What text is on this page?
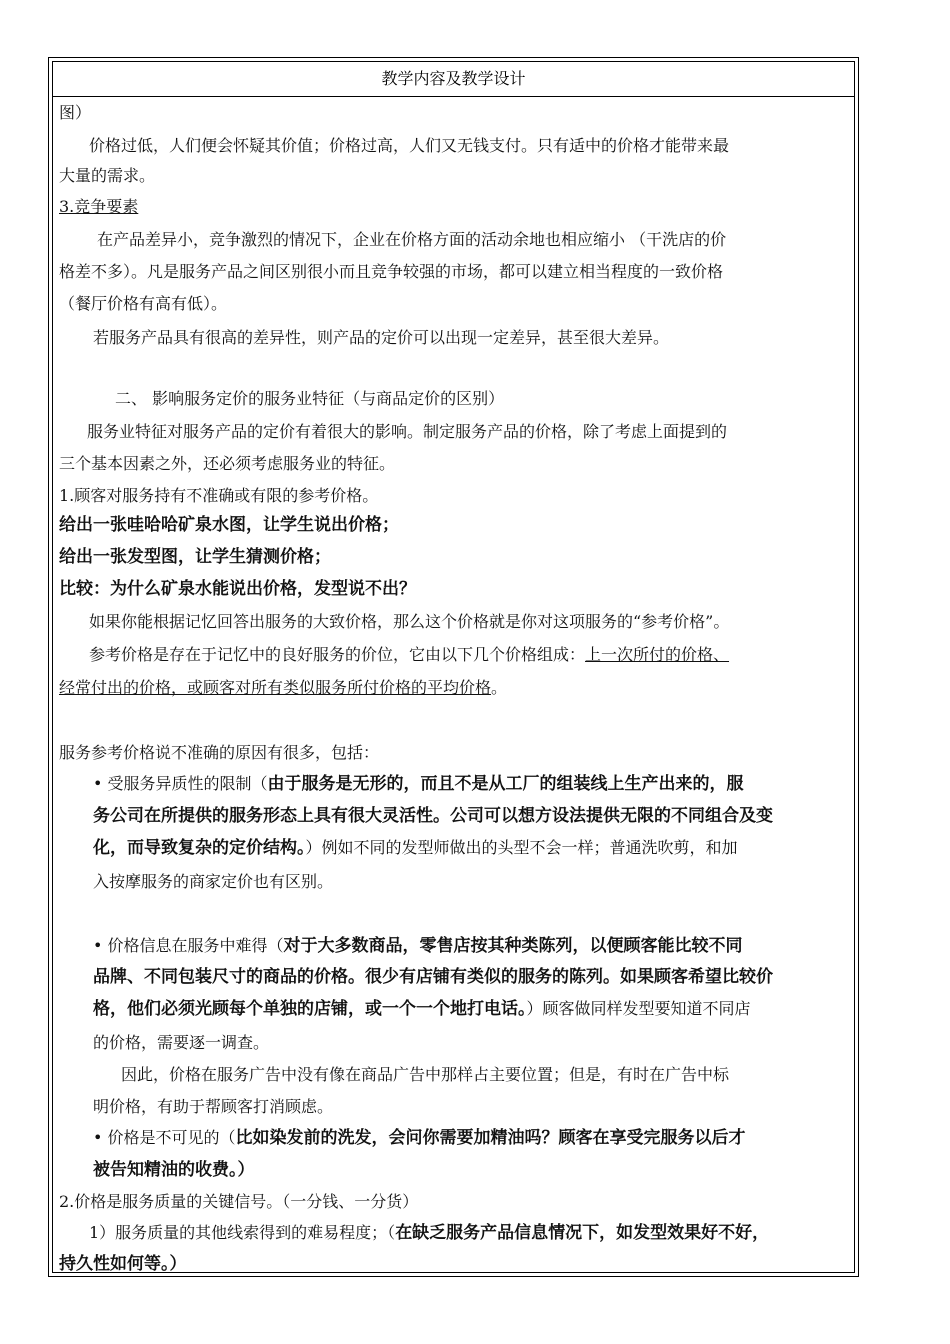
教学内容及教学设计
图）
价格过低，人们便会怀疑其价值；价格过高，人们又无钱支付。只有适中的价格才能带来最
大量的需求。
3.竞争要素
在产品差异小，竞争激烈的情况下，企业在价格方面的活动余地也相应缩小 （干洗店的价
格差不多）。凡是服务产品之间区别很小而且竞争较强的市场，都可以建立相当程度的一致价格
（餐厅价格有高有低）。
若服务产品具有很高的差异性，则产品的定价可以出现一定差异，甚至很大差异。
二、 影响服务定价的服务业特征（与商品定价的区别）
服务业特征对服务产品的定价有着很大的影响。制定服务产品的价格，除了考虑上面提到的
三个基本因素之外，还必须考虑服务业的特征。
1.顾客对服务持有不准确或有限的参考价格。
给出一张哇哈哈矿泉水图，让学生说出价格；
给出一张发型图，让学生猜测价格；
比较：为什么矿泉水能说出价格，发型说不出？
如果你能根据记忆回答出服务的大致价格，那么这个价格就是你对这项服务的“参考价格”。
参考价格是存在于记忆中的良好服务的价位，它由以下几个价格组成：上一次所付的价格、
经常付出的价格，或顾客对所有类似服务所付价格的平均价格。
服务参考价格说不准确的原因有很多，包括：
• 受服务异质性的限制（由于服务是无形的，而且不是从工厂的组装线上生产出来的，服
务公司在所提供的服务形态上具有很大灵活性。公司可以想方设法提供无限的不同组合及变
化，而导致复杂的定价结构。）例如不同的发型师做出的头型不会一样；普通洗吹剪，和加
入按摩服务的商家定价也有区别。
• 价格信息在服务中难得（对于大多数商品，零售店按其种类陈列，以便顾客能比较不同
品牌、不同包装尺寸的商品的价格。很少有店铺有类似的服务的陈列。如果顾客希望比较价
格，他们必须光顾每个单独的店铺，或一个一个地打电话。）顾客做同样发型要知道不同店
的价格，需要逐一调查。
因此，价格在服务广告中没有像在商品广告中那样占主要位置；但是，有时在广告中标
明价格，有助于帮顾客打消顾虑。
• 价格是不可见的（比如染发前的洗发，会问你需要加精油吗？顾客在享受完服务以后才
被告知精油的收费。）
2.价格是服务质量的关键信号。（一分钱、一分货）
1）服务质量的其他线索得到的难易程度；（在缺乏服务产品信息情况下，如发型效果好不好，
持久性如何等。）
